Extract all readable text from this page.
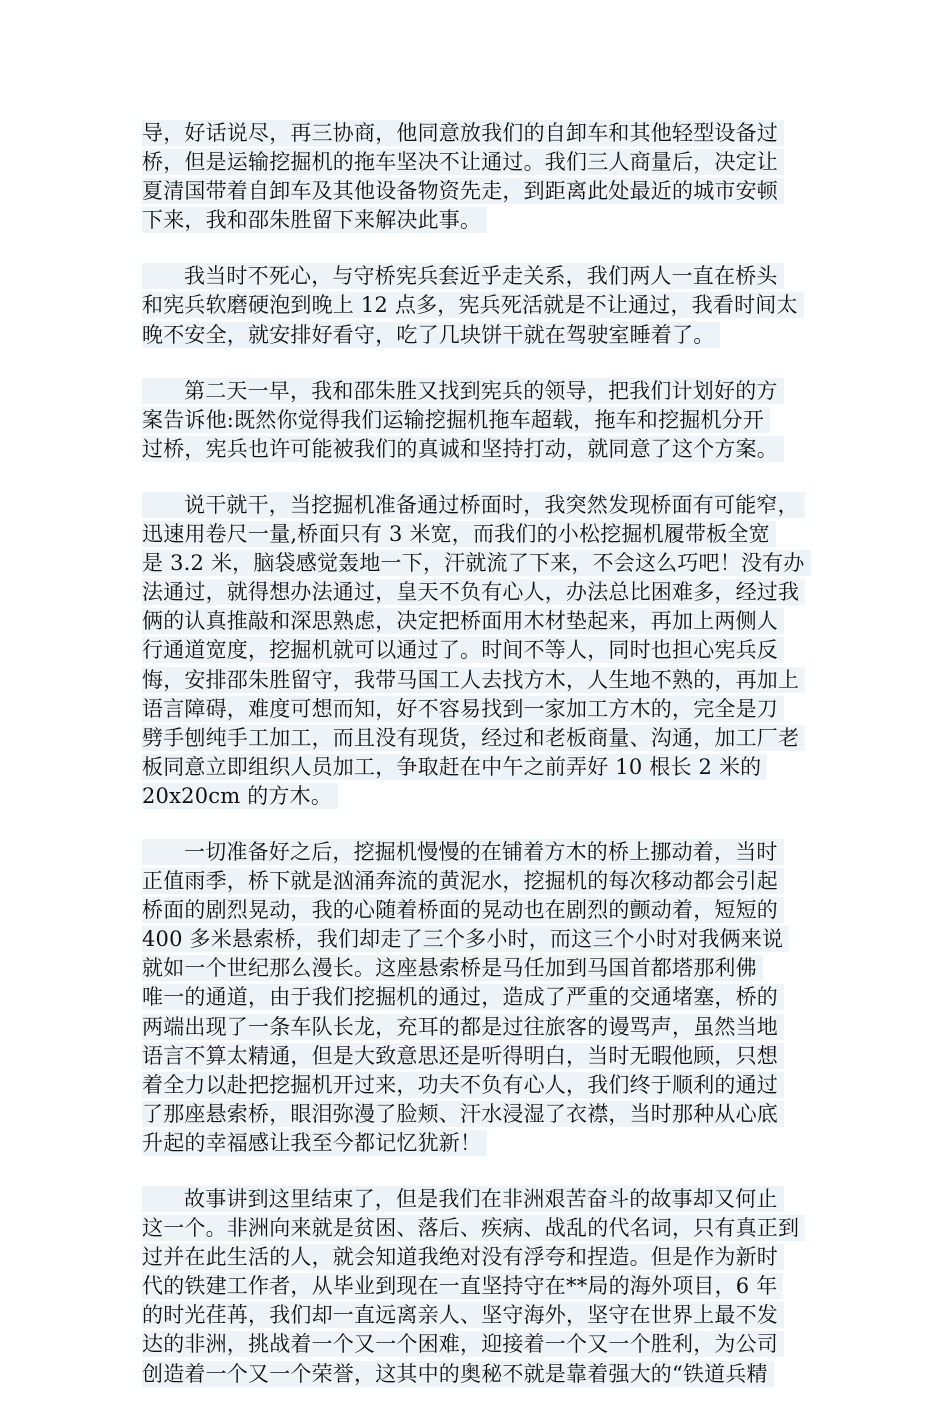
导，好话说尽，再三协商，他同意放我们的自卸车和其他轻型设备过
桥，但是运输挖掘机的拖车坚决不让通过。我们三人商量后，决定让
夏清国带着自卸车及其他设备物资先走，到距离此处最近的城市安顿
下来，我和邵朱胜留下来解决此事。
我当时不死心，与守桥宪兵套近乎走关系，我们两人一直在桥头
和宪兵软磨硬泡到晚上 12 点多，宪兵死活就是不让通过，我看时间太
晚不安全，就安排好看守，吃了几块饼干就在驾驶室睡着了。
第二天一早，我和邵朱胜又找到宪兵的领导，把我们计划好的方
案告诉他:既然你觉得我们运输挖掘机拖车超载，拖车和挖掘机分开
过桥，宪兵也许可能被我们的真诚和坚持打动，就同意了这个方案。
说干就干，当挖掘机准备通过桥面时，我突然发现桥面有可能窄，
迅速用卷尺一量,桥面只有 3 米宽，而我们的小松挖掘机履带板全宽
是 3.2 米，脑袋感觉轰地一下，汗就流了下来，不会这么巧吧！没有办
法通过，就得想办法通过，皇天不负有心人，办法总比困难多，经过我
俩的认真推敲和深思熟虑，决定把桥面用木材垫起来，再加上两侧人
行通道宽度，挖掘机就可以通过了。时间不等人，同时也担心宪兵反
悔，安排邵朱胜留守，我带马国工人去找方木，人生地不熟的，再加上
语言障碍，难度可想而知，好不容易找到一家加工方木的，完全是刀
劈手刨纯手工加工，而且没有现货，经过和老板商量、沟通，加工厂老
板同意立即组织人员加工，争取赶在中午之前弄好 10 根长 2 米的
20x20cm 的方木。
一切准备好之后，挖掘机慢慢的在铺着方木的桥上挪动着，当时
正值雨季，桥下就是汹涌奔流的黄泥水，挖掘机的每次移动都会引起
桥面的剧烈晃动，我的心随着桥面的晃动也在剧烈的颤动着，短短的
400 多米悬索桥，我们却走了三个多小时，而这三个小时对我俩来说
就如一个世纪那么漫长。这座悬索桥是马任加到马国首都塔那利佛
唯一的通道，由于我们挖掘机的通过，造成了严重的交通堵塞，桥的
两端出现了一条车队长龙，充耳的都是过往旅客的谩骂声，虽然当地
语言不算太精通，但是大致意思还是听得明白，当时无暇他顾，只想
着全力以赴把挖掘机开过来，功夫不负有心人，我们终于顺利的通过
了那座悬索桥，眼泪弥漫了脸颊、汗水浸湿了衣襟，当时那种从心底
升起的幸福感让我至今都记忆犹新！
故事讲到这里结束了，但是我们在非洲艰苦奋斗的故事却又何止
这一个。非洲向来就是贫困、落后、疾病、战乱的代名词，只有真正到
过并在此生活的人，就会知道我绝对没有浮夸和捏造。但是作为新时
代的铁建工作者，从毕业到现在一直坚持守在**局的海外项目，6 年
的时光荏苒，我们却一直远离亲人、坚守海外，坚守在世界上最不发
达的非洲，挑战着一个又一个困难，迎接着一个又一个胜利，为公司
创造着一个又一个荣誉，这其中的奥秘不就是靠着强大的“铁道兵精
